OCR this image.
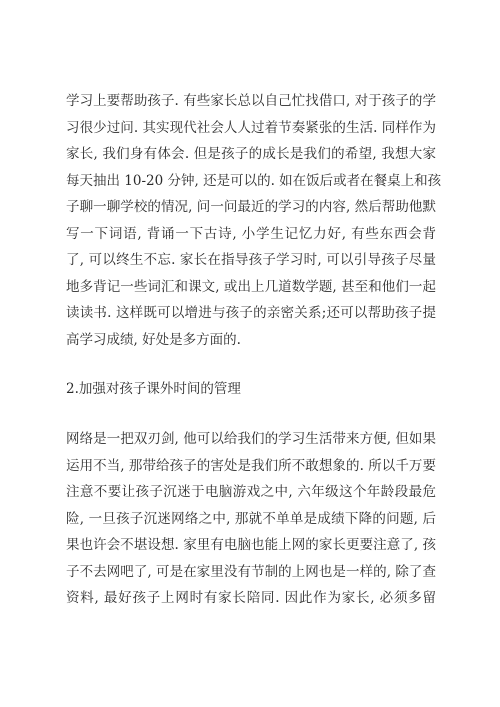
学习上要帮助孩子. 有些家长总以自己忙找借口, 对于孩子的学
习很少过问. 其实现代社会人人过着节奏紧张的生活. 同样作为
家长, 我们身有体会. 但是孩子的成长是我们的希望, 我想大家
每天抽出 10-20 分钟, 还是可以的. 如在饭后或者在餐桌上和孩
子聊一聊学校的情况, 问一问最近的学习的内容, 然后帮助他默
写一下词语, 背诵一下古诗, 小学生记忆力好, 有些东西会背
了, 可以终生不忘. 家长在指导孩子学习时, 可以引导孩子尽量
地多背记一些词汇和课文, 或出上几道数学题, 甚至和他们一起
读读书. 这样既可以增进与孩子的亲密关系;还可以帮助孩子提
高学习成绩, 好处是多方面的.
2.加强对孩子课外时间的管理
网络是一把双刃剑, 他可以给我们的学习生活带来方便, 但如果
运用不当, 那带给孩子的害处是我们所不敢想象的. 所以千万要
注意不要让孩子沉迷于电脑游戏之中, 六年级这个年龄段最危
险, 一旦孩子沉迷网络之中, 那就不单单是成绩下降的问题, 后
果也许会不堪设想. 家里有电脑也能上网的家长更要注意了, 孩
子不去网吧了, 可是在家里没有节制的上网也是一样的, 除了查
资料, 最好孩子上网时有家长陪同. 因此作为家长, 必须多留
